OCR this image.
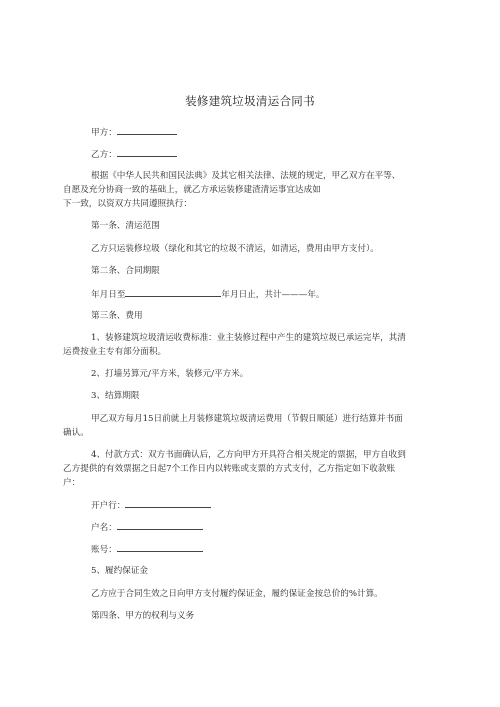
装修建筑垃圾清运合同书
甲方：
乙方：
根据《中华人民共和国民法典》及其它相关法律、法规的规定，甲乙双方在平等、
自愿及充分协商一致的基础上，就乙方承运装修建渣清运事宜达成如
下一致，以资双方共同遵照执行：
第一条、清运范围
乙方只运装修垃圾（绿化和其它的垃圾不清运，如清运，费用由甲方支付）。
第二条、合同期限
年月日至	年月日止，共计———年。
第三条、费用
1、装修建筑垃圾清运收费标准：业主装修过程中产生的建筑垃圾已承运完毕，其清
运费按业主专有部分面积。
2、打墙另算元/平方米，装修元/平方米。
3、结算期限
甲乙双方每月15日前就上月装修建筑垃圾清运费用（节假日顺延）进行结算并书面
确认。
4、付款方式：双方书面确认后，乙方向甲方开具符合相关规定的票据，甲方自收到
乙方提供的有效票据之日起7个工作日内以转账或支票的方式支付，乙方指定如下收款账
户：
开户行：
户名：
账号：
5、履约保证金
乙方应于合同生效之日向甲方支付履约保证金，履约保证金按总价的%计算。
第四条、甲方的权利与义务
